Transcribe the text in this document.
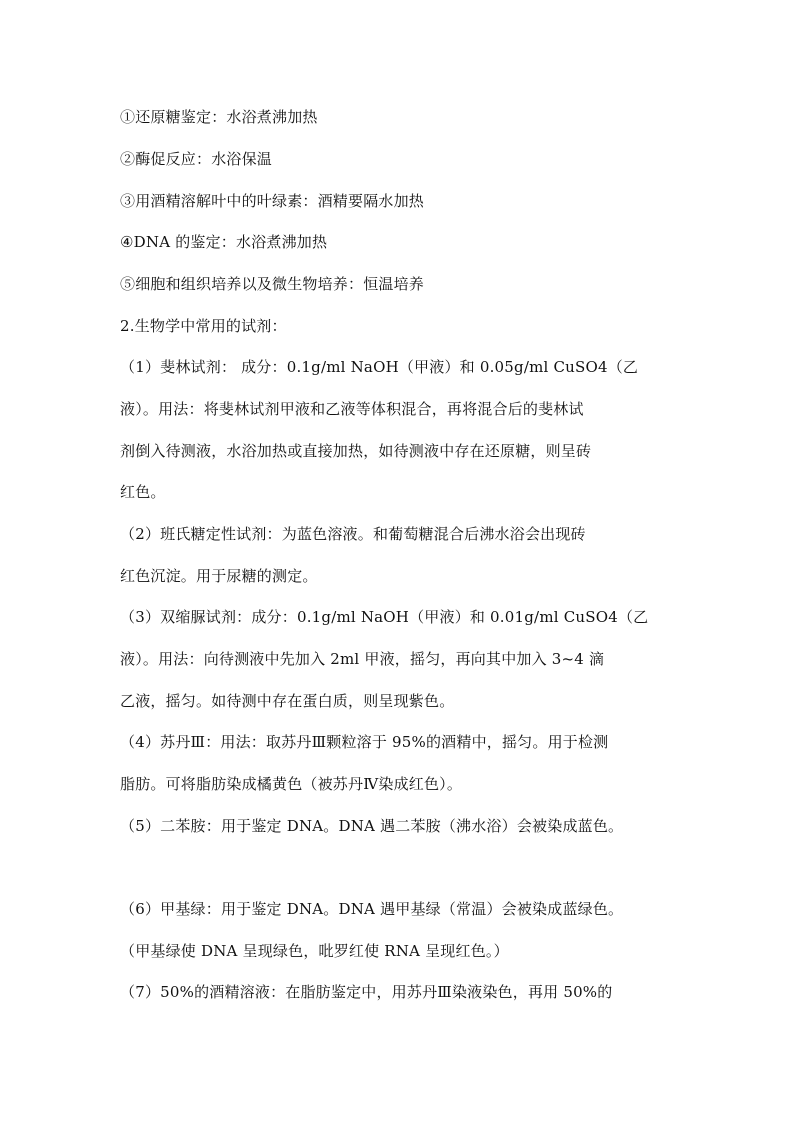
①还原糖鉴定：水浴煮沸加热
②酶促反应：水浴保温
③用酒精溶解叶中的叶绿素：酒精要隔水加热
④DNA 的鉴定：水浴煮沸加热
⑤细胞和组织培养以及微生物培养：恒温培养
2.生物学中常用的试剂：
（1）斐林试剂： 成分：0.1g/ml NaOH（甲液）和 0.05g/ml CuSO4（乙
液）。用法：将斐林试剂甲液和乙液等体积混合，再将混合后的斐林试
剂倒入待测液，水浴加热或直接加热，如待测液中存在还原糖，则呈砖
红色。
（2）班氏糖定性试剂：为蓝色溶液。和葡萄糖混合后沸水浴会出现砖
红色沉淀。用于尿糖的测定。
（3）双缩脲试剂：成分：0.1g/ml NaOH（甲液）和 0.01g/ml CuSO4（乙
液）。用法：向待测液中先加入 2ml 甲液，摇匀，再向其中加入 3~4 滴
乙液，摇匀。如待测中存在蛋白质，则呈现紫色。
（4）苏丹Ⅲ：用法：取苏丹Ⅲ颗粒溶于 95%的酒精中，摇匀。用于检测
脂肪。可将脂肪染成橘黄色（被苏丹Ⅳ染成红色）。
（5）二苯胺：用于鉴定 DNA。DNA 遇二苯胺（沸水浴）会被染成蓝色。
（6）甲基绿：用于鉴定 DNA。DNA 遇甲基绿（常温）会被染成蓝绿色。
（甲基绿使 DNA 呈现绿色，吡罗红使 RNA 呈现红色。）
（7）50%的酒精溶液：在脂肪鉴定中，用苏丹Ⅲ染液染色，再用 50%的
